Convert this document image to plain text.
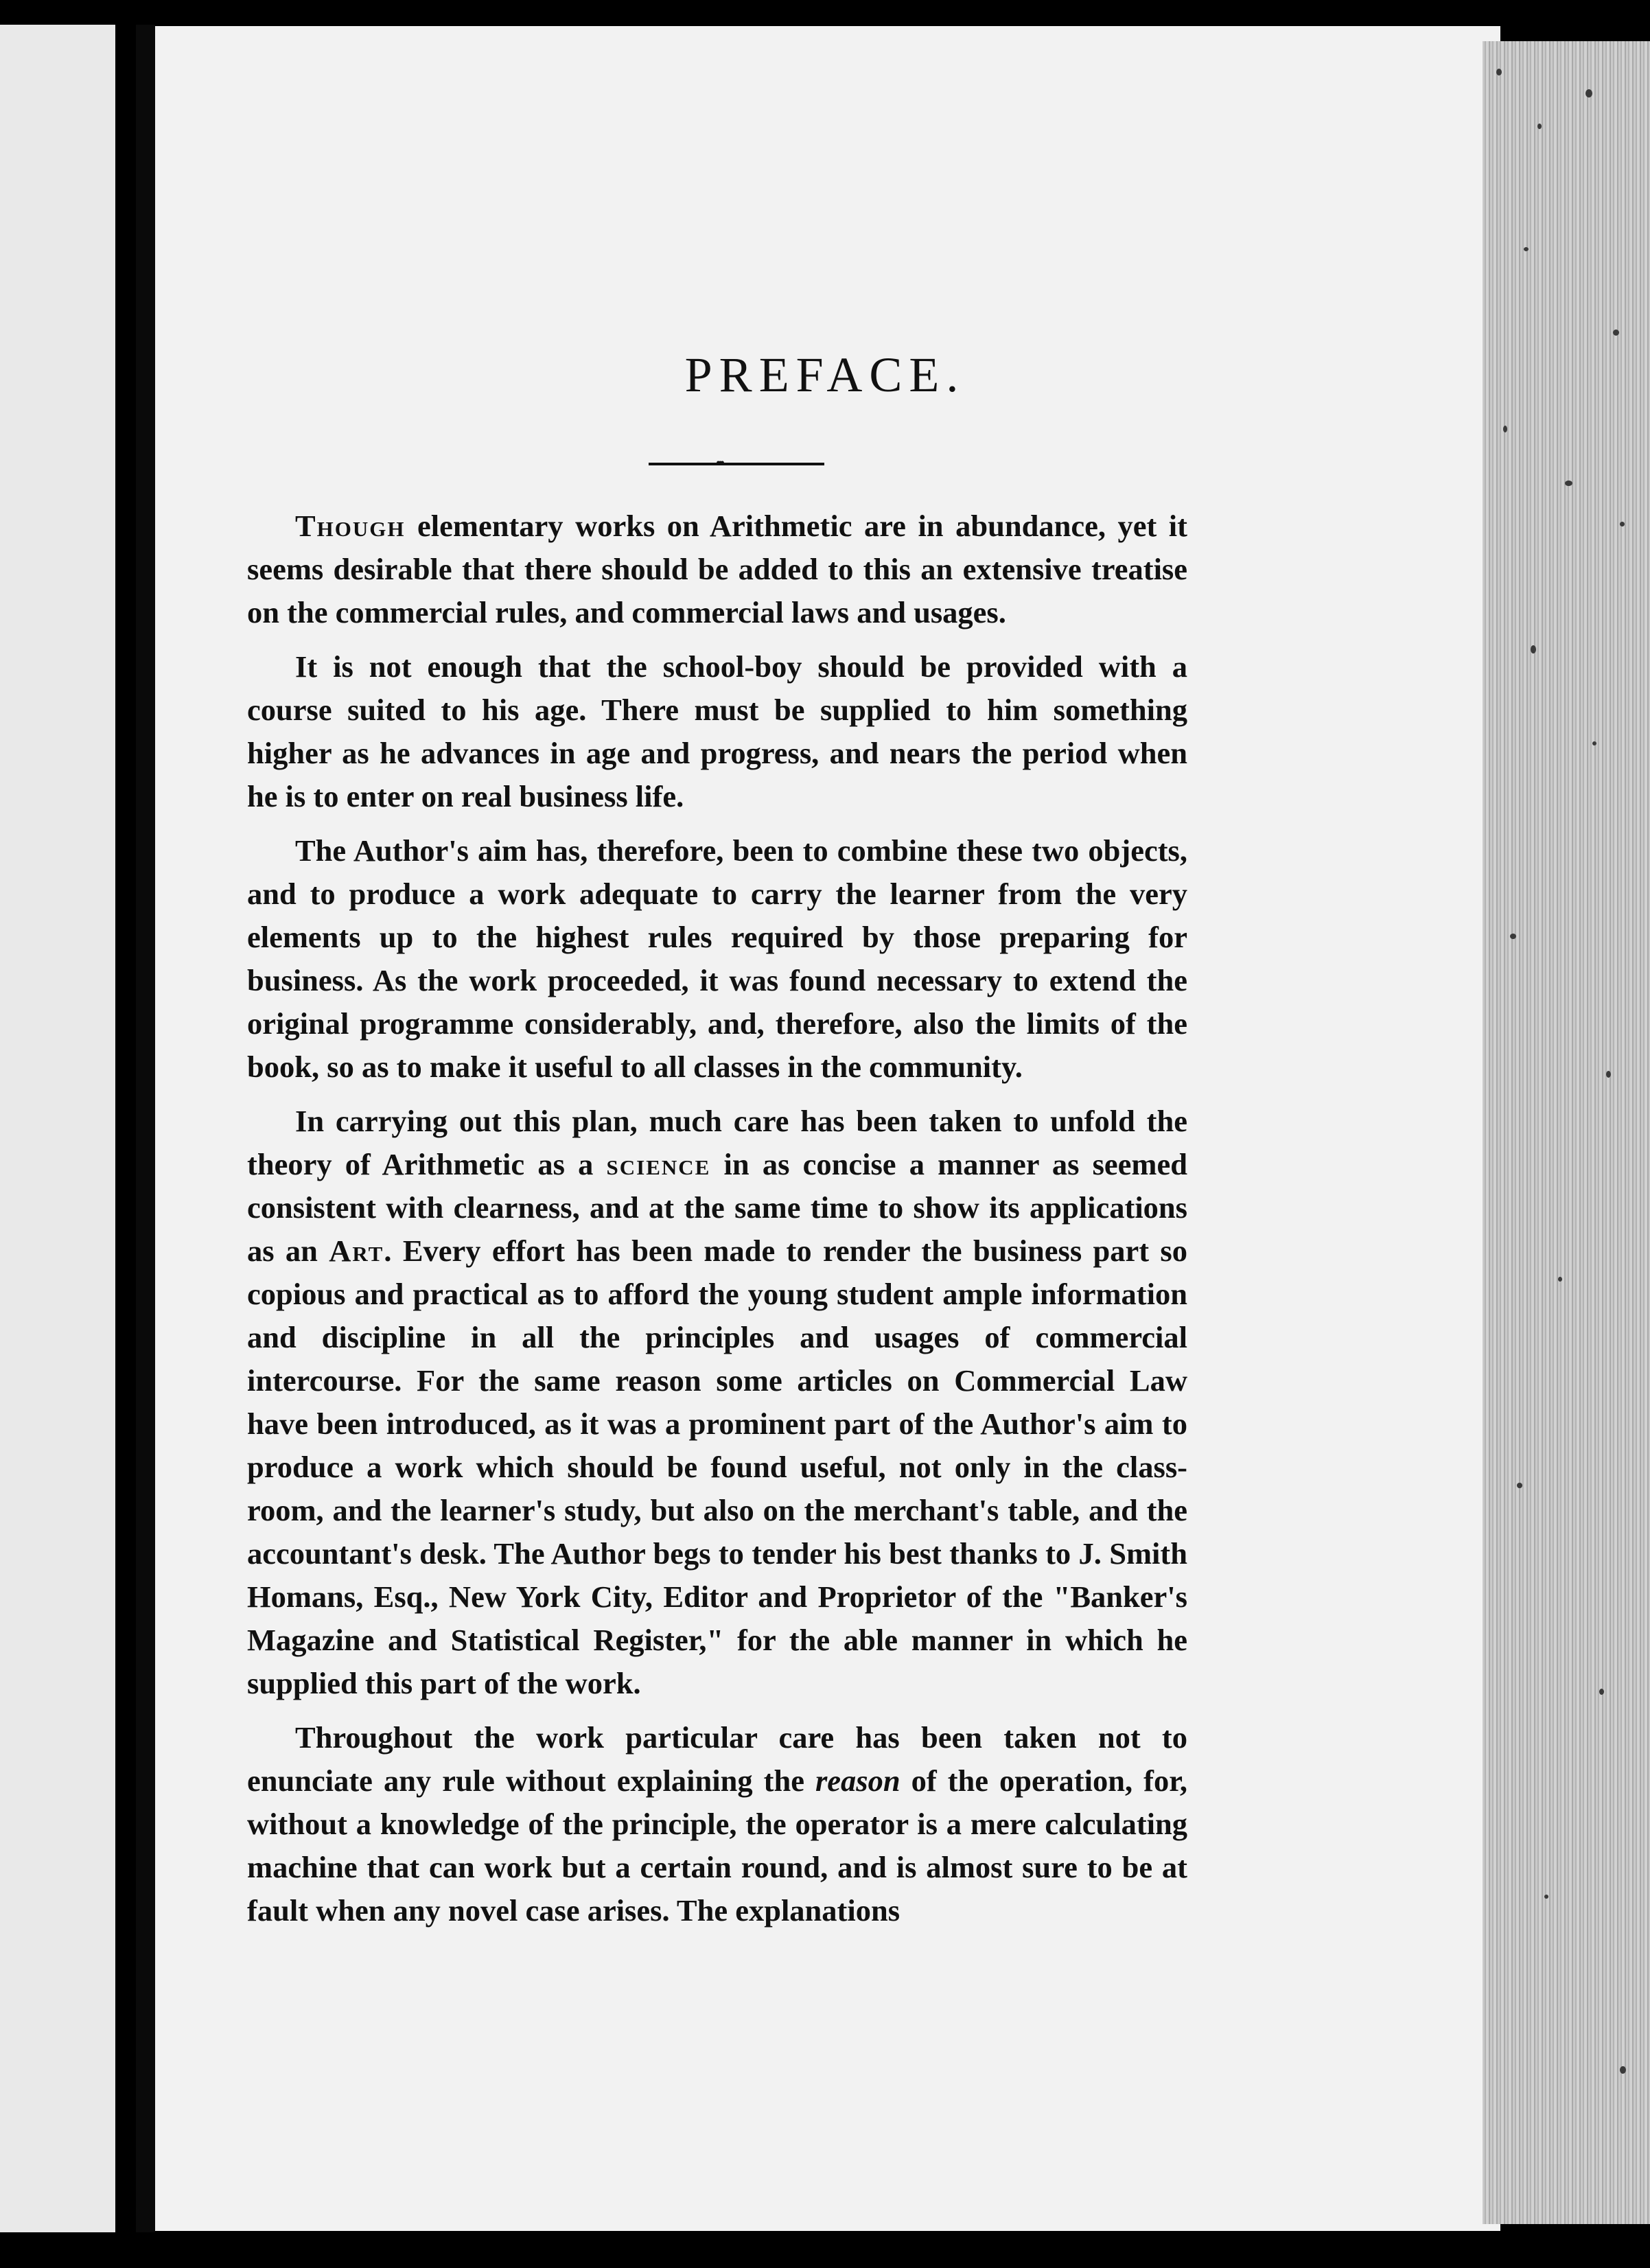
PREFACE.
•••

Though elementary works on Arithmetic are in abundance, yet it seems desirable that there should be added to this an extensive treatise on the commercial rules, and commercial laws and usages.

It is not enough that the school-boy should be provided with a course suited to his age. There must be supplied to him something higher as he advances in age and progress, and nears the period when he is to enter on real business life.

The Author's aim has, therefore, been to combine these two objects, and to produce a work adequate to carry the learner from the very elements up to the highest rules required by those preparing for business. As the work proceeded, it was found necessary to extend the original programme considerably, and, therefore, also the limits of the book, so as to make it useful to all classes in the community.

In carrying out this plan, much care has been taken to unfold the theory of Arithmetic as a science in as concise a manner as seemed consistent with clearness, and at the same time to show its applications as an Art. Every effort has been made to render the business part so copious and practical as to afford the young student ample information and discipline in all the principles and usages of commercial intercourse. For the same reason some articles on Commercial Law have been introduced, as it was a prominent part of the Author's aim to produce a work which should be found useful, not only in the class-room, and the learner's study, but also on the merchant's table, and the accountant's desk. The Author begs to tender his best thanks to J. Smith Homans, Esq., New York City, Editor and Proprietor of the "Banker's Magazine and Statistical Register," for the able manner in which he supplied this part of the work.

Throughout the work particular care has been taken not to enunciate any rule without explaining the reason of the operation, for, without a knowledge of the principle, the operator is a mere calculating machine that can work but a certain round, and is almost sure to be at fault when any novel case arises. The explanations
